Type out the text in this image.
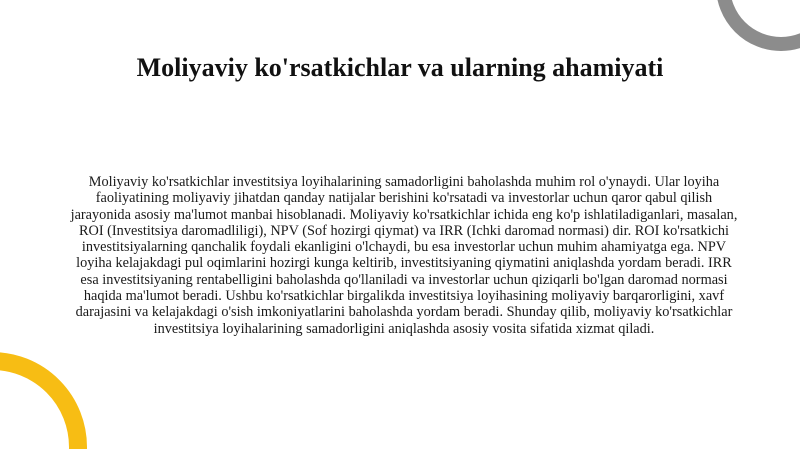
Moliyaviy ko'rsatkichlar va ularning ahamiyati

Moliyaviy ko'rsatkichlar investitsiya loyihalarining samadorligini baholashda muhim rol o'ynaydi. Ular loyiha faoliyatining moliyaviy jihatdan qanday natijalar berishini ko'rsatadi va investorlar uchun qaror qabul qilish jarayonida asosiy ma'lumot manbai hisoblanadi. Moliyaviy ko'rsatkichlar ichida eng ko'p ishlatiladiganlari, masalan, ROI (Investitsiya daromadliligi), NPV (Sof hozirgi qiymat) va IRR (Ichki daromad normasi) dir. ROI ko'rsatkichi investitsiyalarning qanchalik foydali ekanligini o'lchaydi, bu esa investorlar uchun muhim ahamiyatga ega. NPV loyiha kelajakdagi pul oqimlarini hozirgi kunga keltirib, investitsiyaning qiymatini aniqlashda yordam beradi. IRR esa investitsiyaning rentabelligini baholashda qo'llaniladi va investorlar uchun qiziqarli bo'lgan daromad normasi haqida ma'lumot beradi. Ushbu ko'rsatkichlar birgalikda investitsiya loyihasining moliyaviy barqarorligini, xavf darajasini va kelajakdagi o'sish imkoniyatlarini baholashda yordam beradi. Shunday qilib, moliyaviy ko'rsatkichlar investitsiya loyihalarining samadorligini aniqlashda asosiy vosita sifatida xizmat qiladi.
